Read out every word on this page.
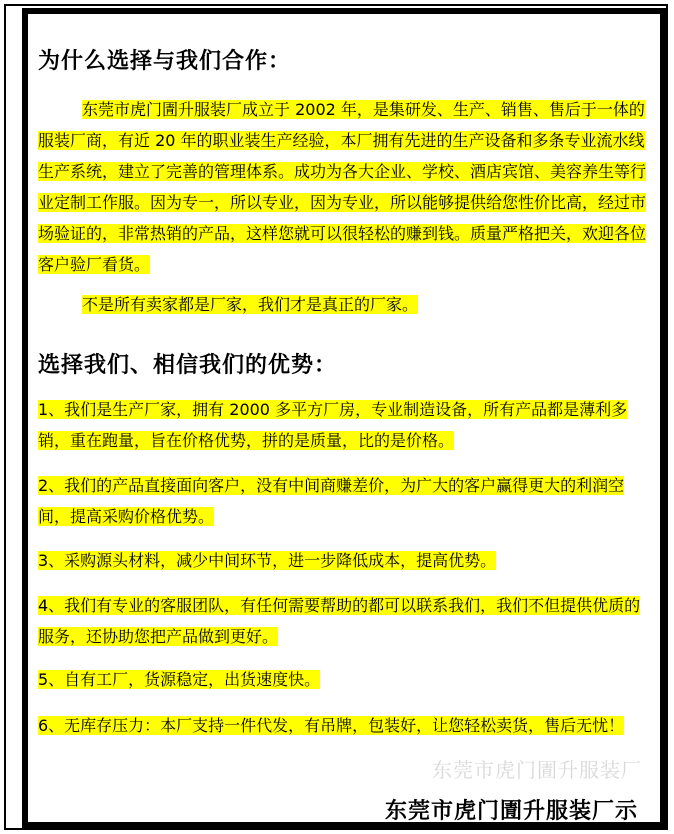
为什么选择与我们合作：
东莞市虎门圊升服装厂成立于 2002 年，是集研发、生产、销售、售后于一体的服装厂商，有近 20 年的职业装生产经验，本厂拥有先进的生产设备和多条专业流水线生产系统，建立了完善的管理体系。成功为各大企业、学校、酒店宾馆、美容养生等行业定制工作服。因为专一，所以专业，因为专业，所以能够提供给您性价比高，经过市场验证的，非常热销的产品，这样您就可以很轻松的赚到钱。质量严格把关，欢迎各位客户验厂看货。
不是所有卖家都是厂家，我们才是真正的厂家。
选择我们、相信我们的优势：
1、我们是生产厂家，拥有 2000 多平方厂房，专业制造设备，所有产品都是薄利多销，重在跑量，旨在价格优势，拼的是质量，比的是价格。
2、我们的产品直接面向客户，没有中间商赚差价，为广大的客户赢得更大的利润空间，提高采购价格优势。
3、采购源头材料，减少中间环节，进一步降低成本，提高优势。
4、我们有专业的客服团队，有任何需要帮助的都可以联系我们，我们不但提供优质的服务，还协助您把产品做到更好。
5、自有工厂，货源稳定，出货速度快。
6、无库存压力：本厂支持一件代发，有吊牌，包装好，让您轻松卖货，售后无忧！
东莞市虎门圊升服装厂
东莞市虎门圊升服装厂示
